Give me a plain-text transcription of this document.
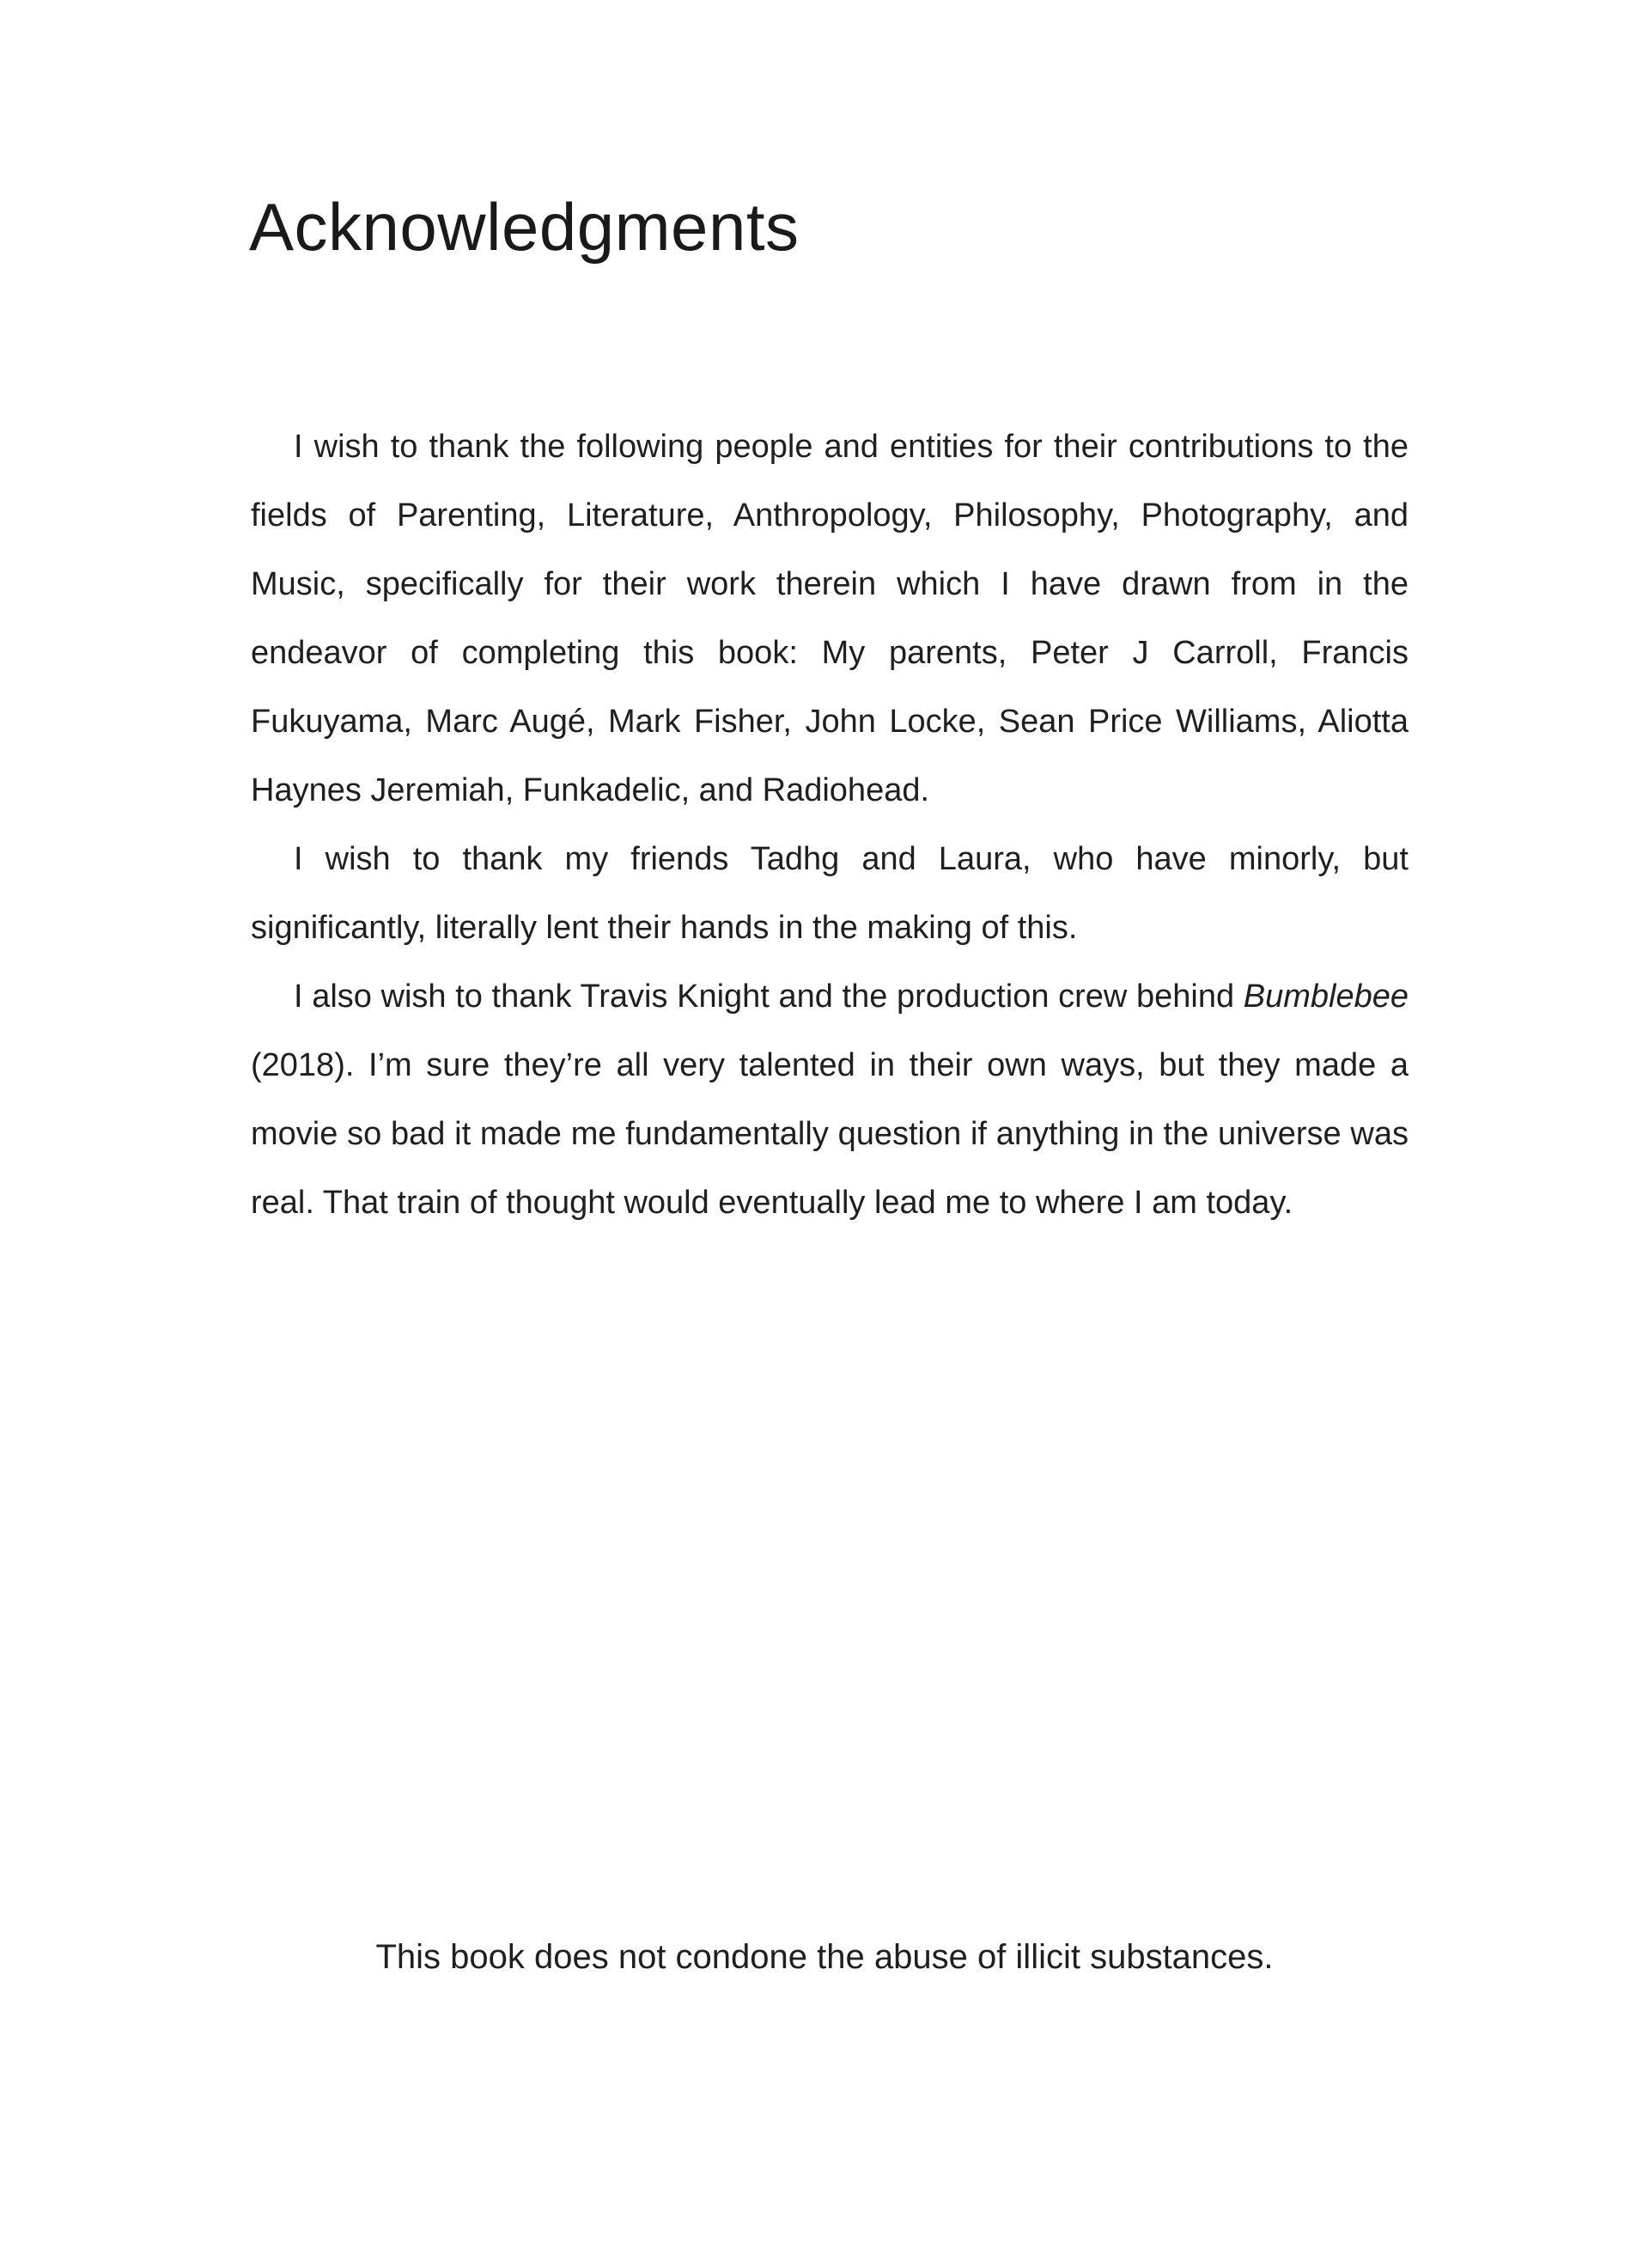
Acknowledgments

I wish to thank the following people and entities for their contributions to the fields of Parenting, Literature, Anthropology, Philosophy, Photography, and Music, specifically for their work therein which I have drawn from in the endeavor of completing this book: My parents, Peter J Carroll, Francis Fukuyama, Marc Augé, Mark Fisher, John Locke, Sean Price Williams, Aliotta Haynes Jeremiah, Funkadelic, and Radiohead.

I wish to thank my friends Tadhg and Laura, who have minorly, but significantly, literally lent their hands in the making of this.

I also wish to thank Travis Knight and the production crew behind Bumblebee (2018). I’m sure they’re all very talented in their own ways, but they made a movie so bad it made me fundamentally question if anything in the universe was real. That train of thought would eventually lead me to where I am today.

This book does not condone the abuse of illicit substances.
